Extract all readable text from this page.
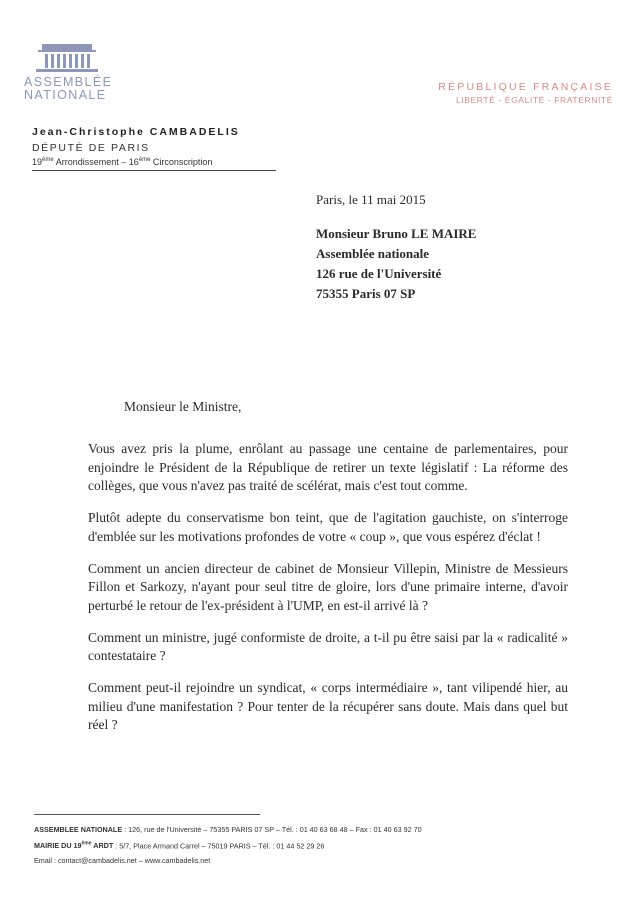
ASSEMBLÉE
NATIONALE
RÉPUBLIQUE FRANÇAISE
LIBERTÉ - ÉGALITÉ - FRATERNITÉ
Jean-Christophe CAMBADELIS
DÉPUTÉ DE PARIS
19ème Arrondissement – 16ème Circonscription
Paris, le 11 mai 2015
Monsieur Bruno LE MAIRE
Assemblée nationale
126 rue de l'Université
75355 Paris 07 SP
Monsieur le Ministre,

Vous avez pris la plume, enrôlant au passage une centaine de parlementaires, pour enjoindre le Président de la République de retirer un texte législatif : La réforme des collèges, que vous n'avez pas traité de scélérat, mais c'est tout comme.

Plutôt adepte du conservatisme bon teint, que de l'agitation gauchiste, on s'interroge d'emblée sur les motivations profondes de votre « coup », que vous espérez d'éclat !

Comment un ancien directeur de cabinet de Monsieur Villepin, Ministre de Messieurs Fillon et Sarkozy, n'ayant pour seul titre de gloire, lors d'une primaire interne, d'avoir perturbé le retour de l'ex-président à l'UMP, en est-il arrivé là ?

Comment un ministre, jugé conformiste de droite, a t-il pu être saisi par la « radicalité » contestataire ?

Comment peut-il rejoindre un syndicat, « corps intermédiaire », tant vilipendé hier, au milieu d'une manifestation ? Pour tenter de la récupérer sans doute. Mais dans quel but réel ?

ASSEMBLEE NATIONALE : 126, rue de l'Université – 75355 PARIS 07 SP – Tél. : 01 40 63 68 48 – Fax : 01 40 63 92 70
MAIRIE DU 19ème ARDT : 5/7, Place Armand Carrel – 75019 PARIS – Tél. : 01 44 52 29 26
Email : contact@cambadelis.net – www.cambadelis.net
